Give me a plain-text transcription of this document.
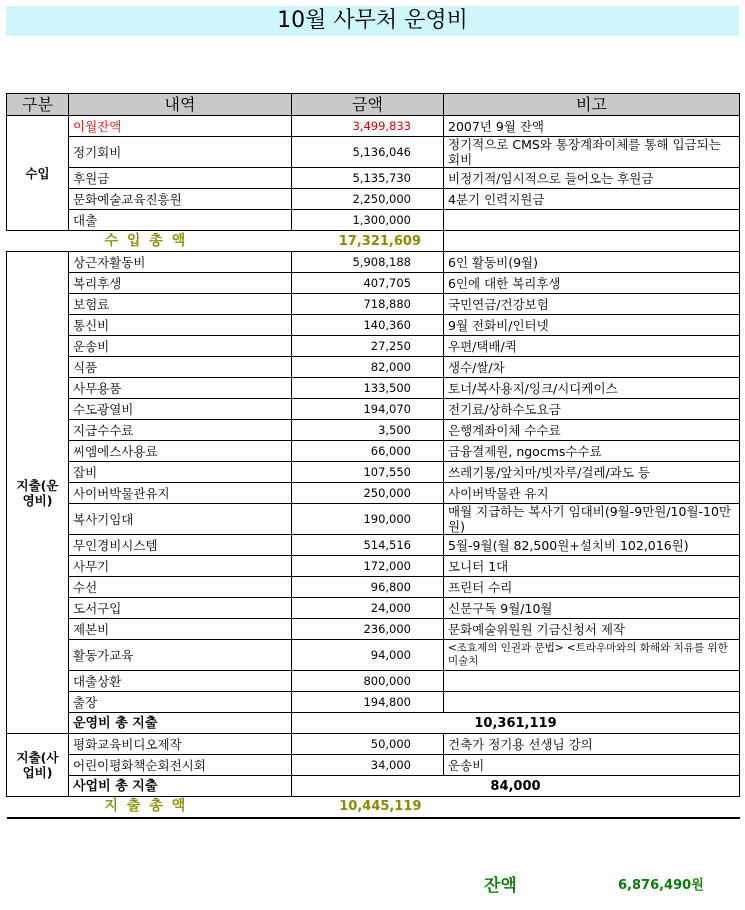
10월 사무처 운영비
구분	내역	금액	비고
수입	이월잔액	3,499,833	2007년 9월 잔액
	정기회비	5,136,046	정기적으로 CMS와 통장계좌이체를 통해 입금되는 회비
	후원금	5,135,730	비정기적/임시적으로 들어오는 후원금
	문화예술교육진흥원	2,250,000	4분기 인력지원금
	대출	1,300,000	
	수 입 총 액	17,321,609	
지출(운영비)	상근자활동비	5,908,188	6인 활동비(9월)
	복리후생	407,705	6인에 대한 복리후생
	보험료	718,880	국민연금/건강보험
	통신비	140,360	9월 전화비/인터넷
	운송비	27,250	우편/택배/퀵
	식품	82,000	생수/쌀/차
	사무용품	133,500	토너/복사용지/잉크/시디케이스
	수도광열비	194,070	전기료/상하수도요금
	지급수수료	3,500	은행계좌이체 수수료
	씨엠에스사용료	66,000	금융결제원, ngocms수수료
	잡비	107,550	쓰레기통/앞치마/빗자루/걸레/과도 등
	사이버박물관유지	250,000	사이버박물관 유지
	복사기임대	190,000	매월 지급하는 복사기 임대비(9월-9만원/10월-10만원)
	무인경비시스템	514,516	5월-9월(월 82,500원+설치비 102,016원)
	사무기	172,000	모니터 1대
	수선	96,800	프린터 수리
	도서구입	24,000	신문구독 9월/10월
	제본비	236,000	문화예술위원원 기금신청서 제작
	활동가교육	94,000	<조효제의 인권과 문법> <트라우마와의 화해와 치유를 위한 미술치
	대출상환	800,000	
	출장	194,800	
	운영비 총 지출	10,361,119	
지출(사업비)	평화교육비디오제작	50,000	건축가 정기용 선생님 강의
	어린이평화책순회전시회	34,000	운송비
	사업비 총 지출	84,000	
	지 출 총 액	10,445,119	
잔액	6,876,490원
